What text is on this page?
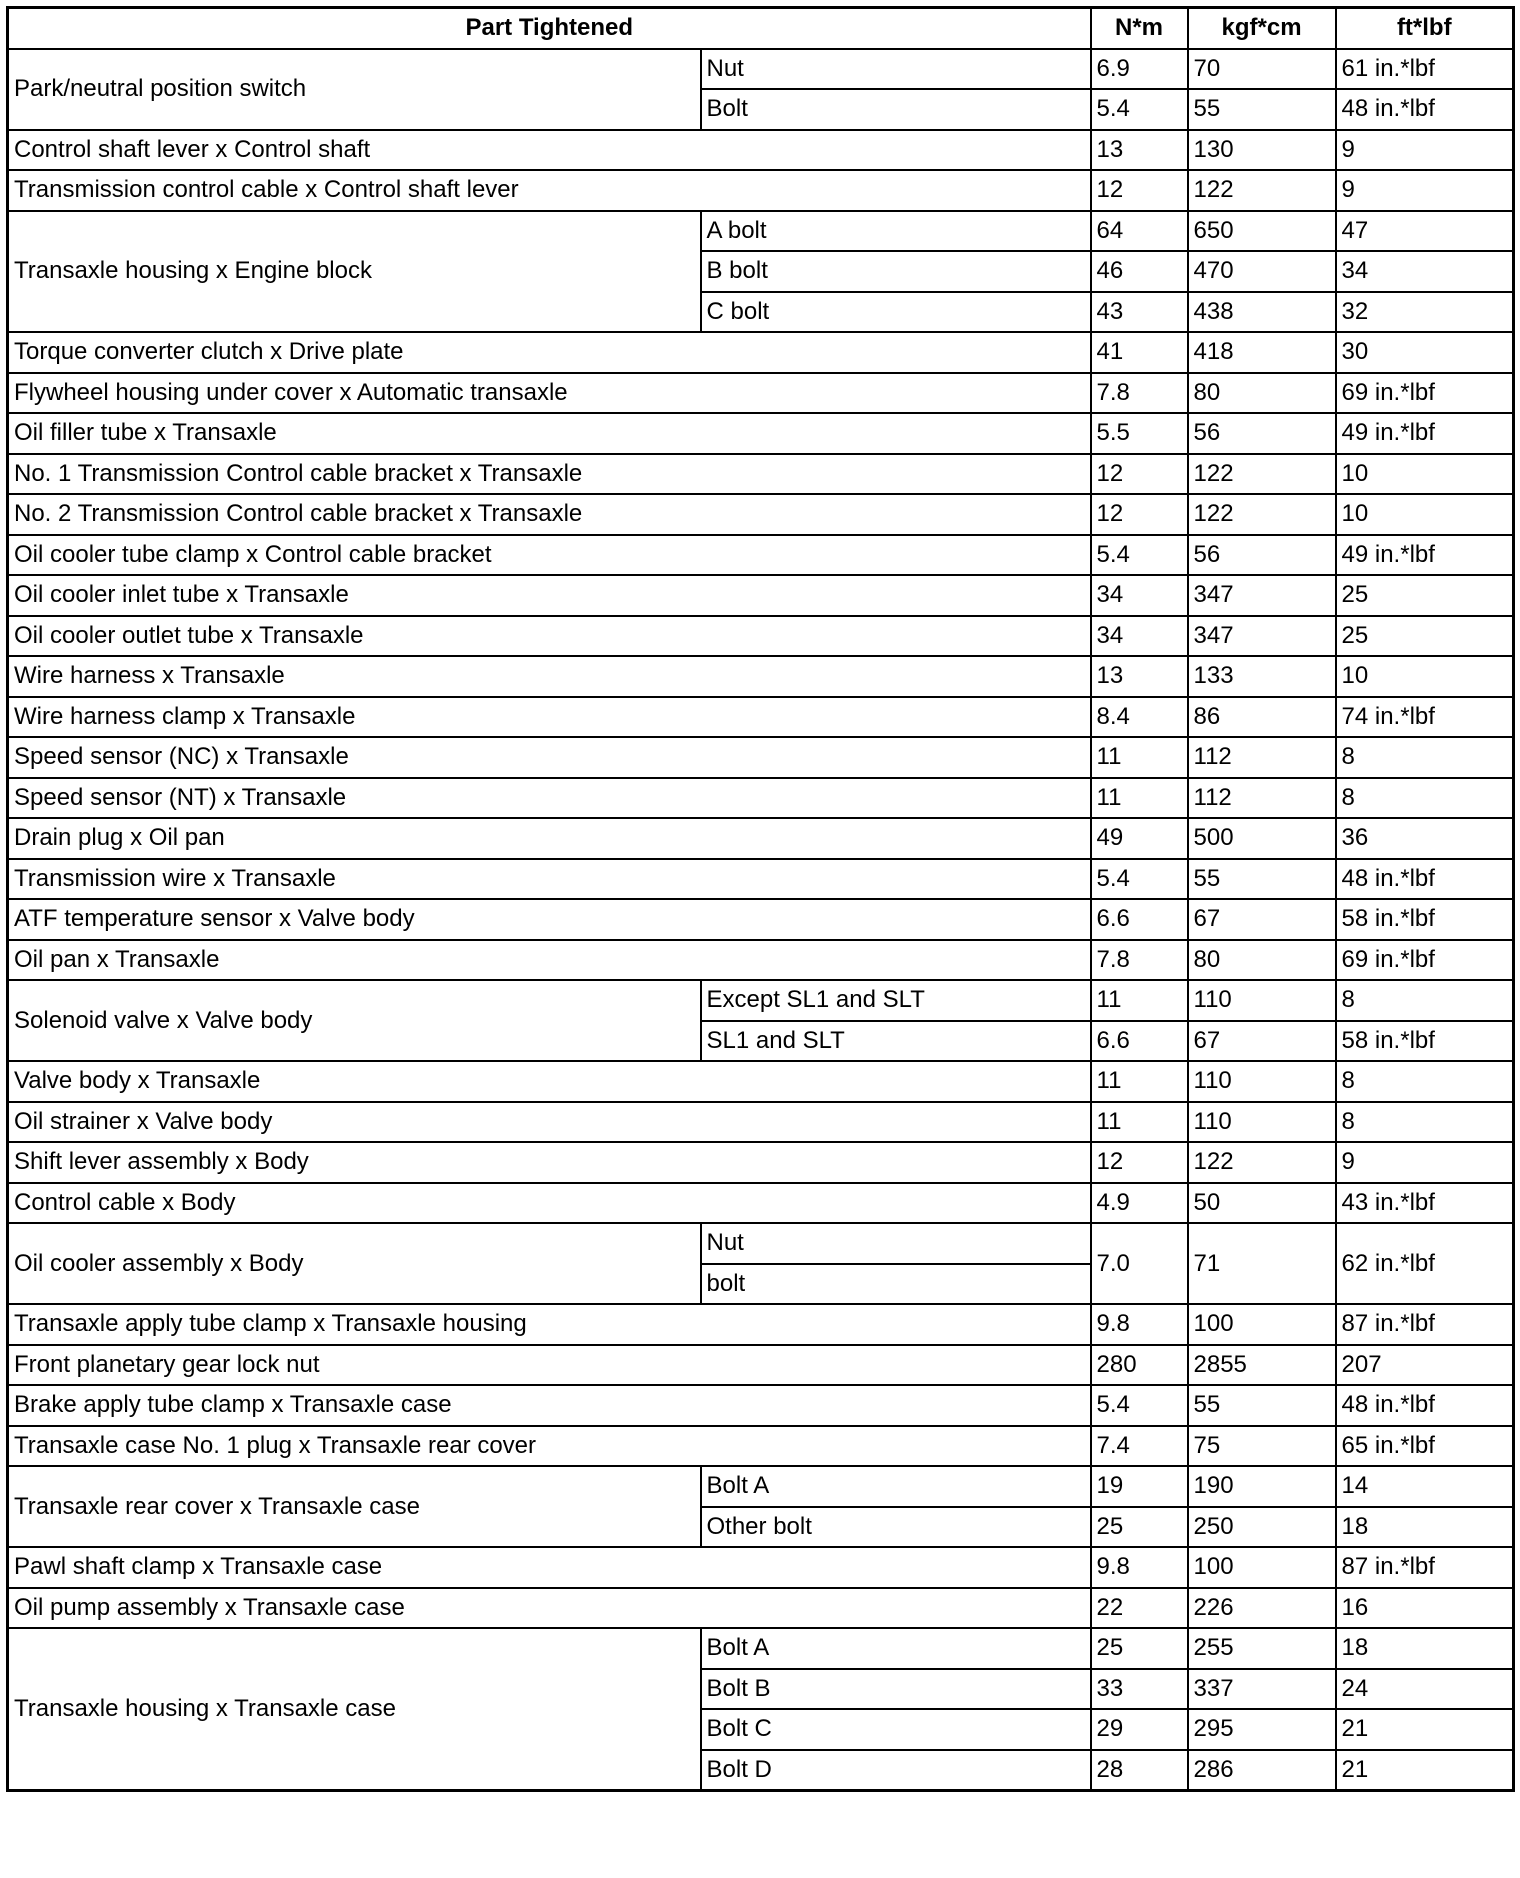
Part Tightened		N*m	kgf*cm	ft*lbf
Park/neutral position switch	Nut	6.9	70	61 in.*lbf
	Bolt	5.4	55	48 in.*lbf
Control shaft lever x Control shaft		13	130	9
Transmission control cable x Control shaft lever		12	122	9
Transaxle housing x Engine block	A bolt	64	650	47
	B bolt	46	470	34
	C bolt	43	438	32
Torque converter clutch x Drive plate		41	418	30
Flywheel housing under cover x Automatic transaxle		7.8	80	69 in.*lbf
Oil filler tube x Transaxle		5.5	56	49 in.*lbf
No. 1 Transmission Control cable bracket x Transaxle		12	122	10
No. 2 Transmission Control cable bracket x Transaxle		12	122	10
Oil cooler tube clamp x Control cable bracket		5.4	56	49 in.*lbf
Oil cooler inlet tube x Transaxle		34	347	25
Oil cooler outlet tube x Transaxle		34	347	25
Wire harness x Transaxle		13	133	10
Wire harness clamp x Transaxle		8.4	86	74 in.*lbf
Speed sensor (NC) x Transaxle		11	112	8
Speed sensor (NT) x Transaxle		11	112	8
Drain plug x Oil pan		49	500	36
Transmission wire x Transaxle		5.4	55	48 in.*lbf
ATF temperature sensor x Valve body		6.6	67	58 in.*lbf
Oil pan x Transaxle		7.8	80	69 in.*lbf
Solenoid valve x Valve body	Except SL1 and SLT	11	110	8
	SL1 and SLT	6.6	67	58 in.*lbf
Valve body x Transaxle		11	110	8
Oil strainer x Valve body		11	110	8
Shift lever assembly x Body		12	122	9
Control cable x Body		4.9	50	43 in.*lbf
Oil cooler assembly x Body	Nut	7.0	71	62 in.*lbf
	bolt			
Transaxle apply tube clamp x Transaxle housing		9.8	100	87 in.*lbf
Front planetary gear lock nut		280	2855	207
Brake apply tube clamp x Transaxle case		5.4	55	48 in.*lbf
Transaxle case No. 1 plug x Transaxle rear cover		7.4	75	65 in.*lbf
Transaxle rear cover x Transaxle case	Bolt A	19	190	14
	Other bolt	25	250	18
Pawl shaft clamp x Transaxle case		9.8	100	87 in.*lbf
Oil pump assembly x Transaxle case		22	226	16
Transaxle housing x Transaxle case	Bolt A	25	255	18
	Bolt B	33	337	24
	Bolt C	29	295	21
	Bolt D	28	286	21
